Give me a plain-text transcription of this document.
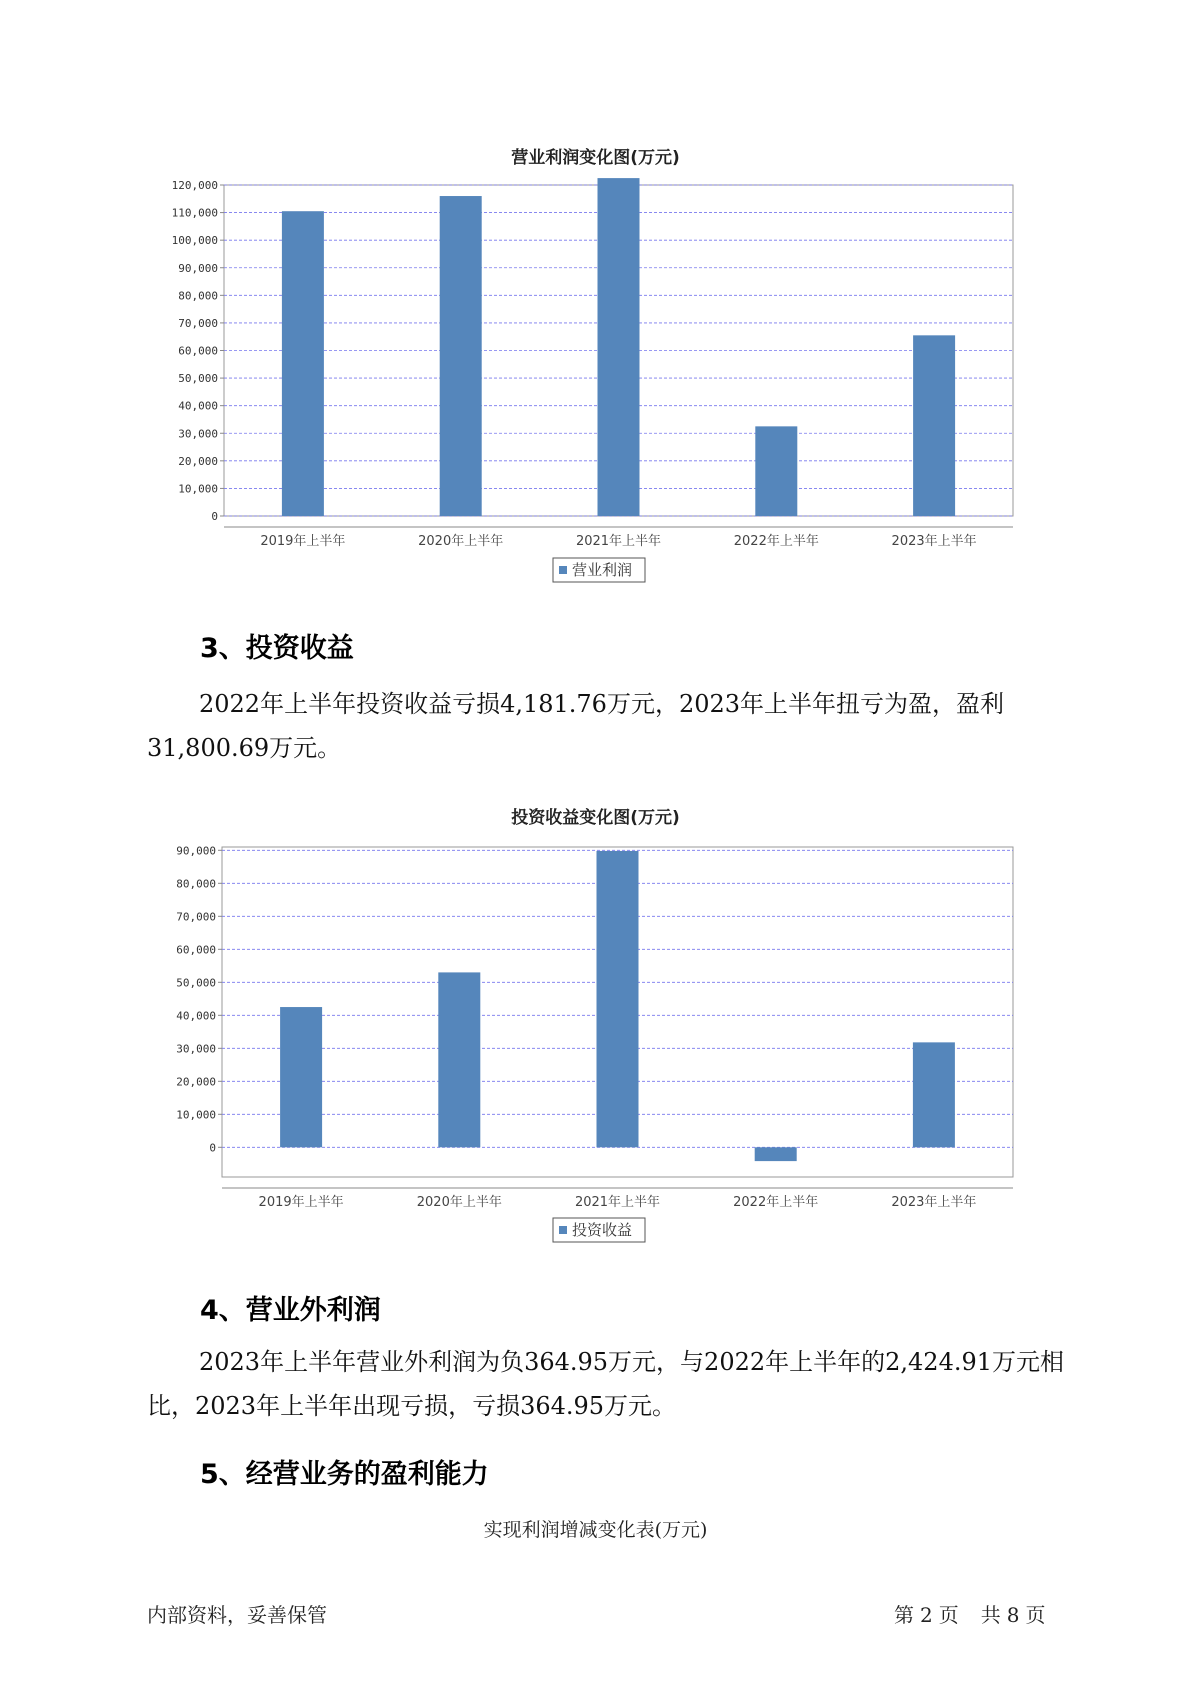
营业利润变化图(万元)
0
10,000
20,000
30,000
40,000
50,000
60,000
70,000
80,000
90,000
100,000
110,000
120,000
2019年上半年	2020年上半年	2021年上半年	2022年上半年	2023年上半年
营业利润
3、投资收益

2022年上半年投资收益亏损4,181.76万元，2023年上半年扭亏为盈，盈利31,800.69万元。

投资收益变化图(万元)
0
10,000
20,000
30,000
40,000
50,000
60,000
70,000
80,000
90,000
2019年上半年	2020年上半年	2021年上半年	2022年上半年	2023年上半年
投资收益
4、营业外利润

2023年上半年营业外利润为负364.95万元，与2022年上半年的2,424.91万元相比，2023年上半年出现亏损，亏损364.95万元。

5、经营业务的盈利能力
实现利润增减变化表(万元)
内部资料，妥善保管	第 2 页 共 8 页
